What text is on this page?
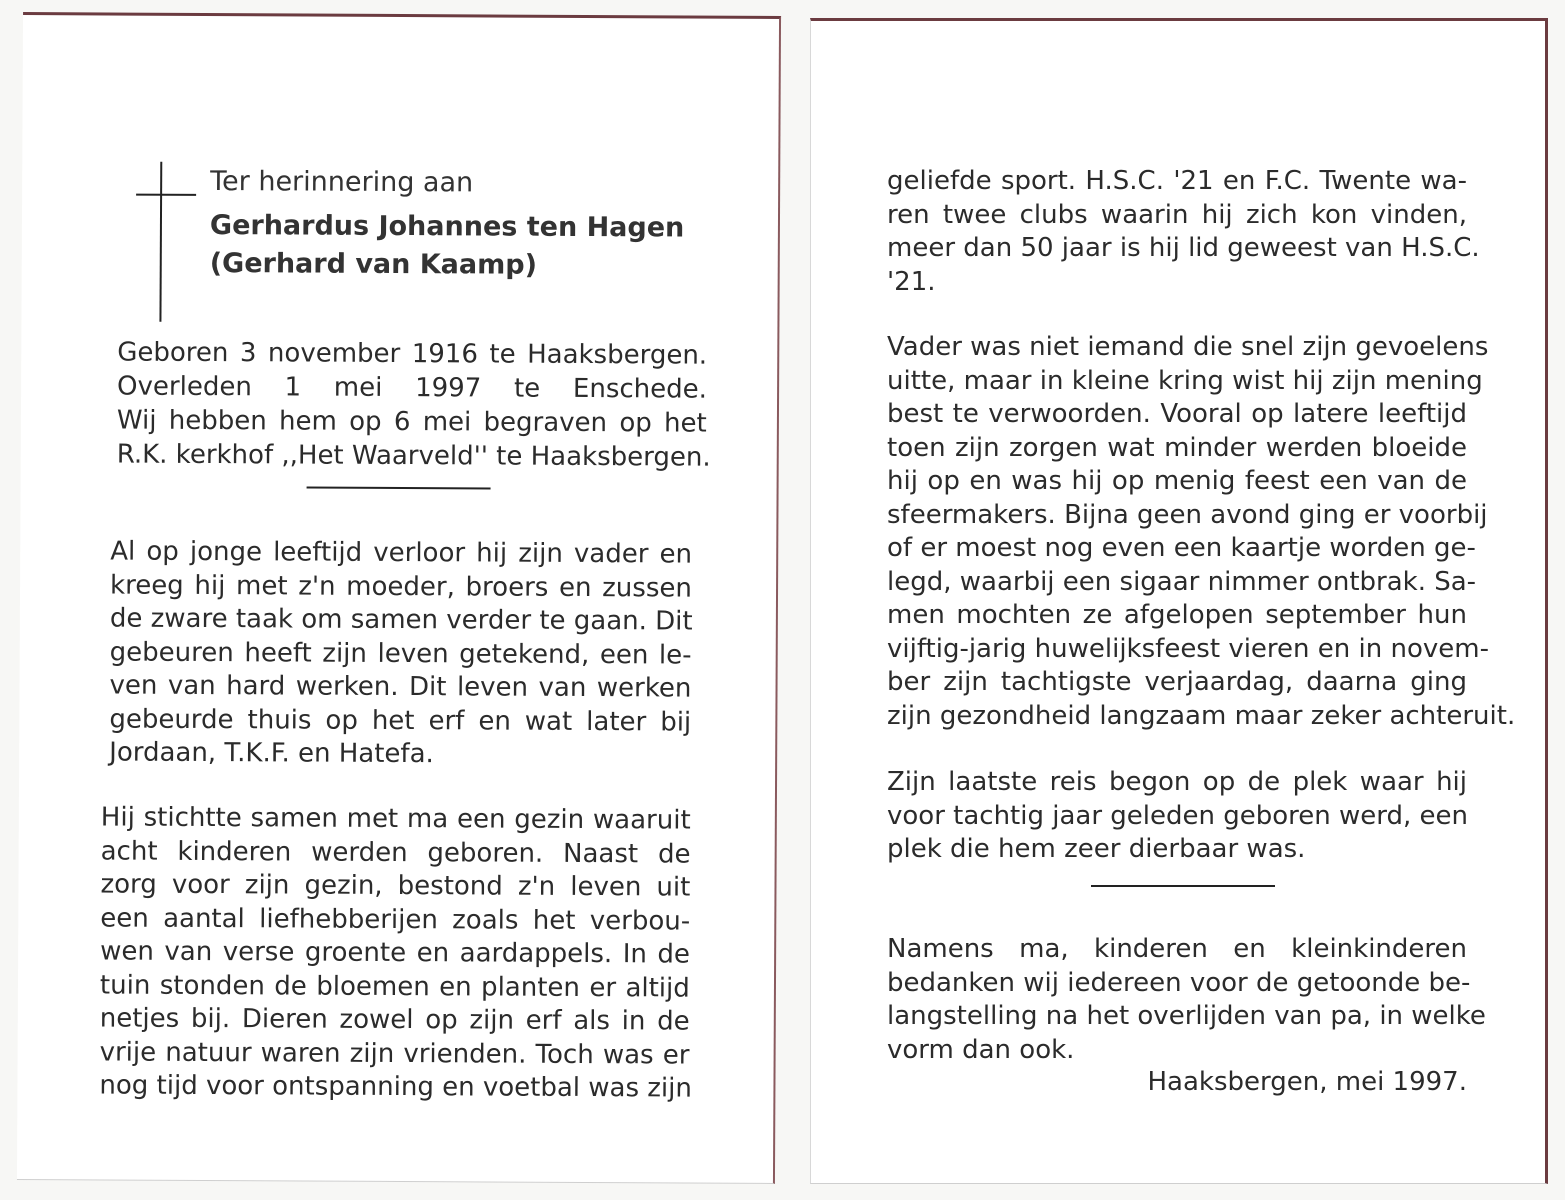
Ter herinnering aan
Gerhardus Johannes ten Hagen
(Gerhard van Kaamp)
Geboren 3 november 1916 te Haaksbergen.
Overleden 1 mei 1997 te Enschede.
Wij hebben hem op 6 mei begraven op het
R.K. kerkhof ,,Het Waarveld'' te Haaksbergen.
Al op jonge leeftijd verloor hij zijn vader en
kreeg hij met z'n moeder, broers en zussen
de zware taak om samen verder te gaan. Dit
gebeuren heeft zijn leven getekend, een le-
ven van hard werken. Dit leven van werken
gebeurde thuis op het erf en wat later bij
Jordaan, T.K.F. en Hatefa.
Hij stichtte samen met ma een gezin waaruit
acht kinderen werden geboren. Naast de
zorg voor zijn gezin, bestond z'n leven uit
een aantal liefhebberijen zoals het verbou-
wen van verse groente en aardappels. In de
tuin stonden de bloemen en planten er altijd
netjes bij. Dieren zowel op zijn erf als in de
vrije natuur waren zijn vrienden. Toch was er
nog tijd voor ontspanning en voetbal was zijn
geliefde sport. H.S.C. '21 en F.C. Twente wa-
ren twee clubs waarin hij zich kon vinden,
meer dan 50 jaar is hij lid geweest van H.S.C.
'21.
Vader was niet iemand die snel zijn gevoelens
uitte, maar in kleine kring wist hij zijn mening
best te verwoorden. Vooral op latere leeftijd
toen zijn zorgen wat minder werden bloeide
hij op en was hij op menig feest een van de
sfeermakers. Bijna geen avond ging er voorbij
of er moest nog even een kaartje worden ge-
legd, waarbij een sigaar nimmer ontbrak. Sa-
men mochten ze afgelopen september hun
vijftig-jarig huwelijksfeest vieren en in novem-
ber zijn tachtigste verjaardag, daarna ging
zijn gezondheid langzaam maar zeker achteruit.
Zijn laatste reis begon op de plek waar hij
voor tachtig jaar geleden geboren werd, een
plek die hem zeer dierbaar was.
Namens ma, kinderen en kleinkinderen
bedanken wij iedereen voor de getoonde be-
langstelling na het overlijden van pa, in welke
vorm dan ook.
Haaksbergen, mei 1997.
